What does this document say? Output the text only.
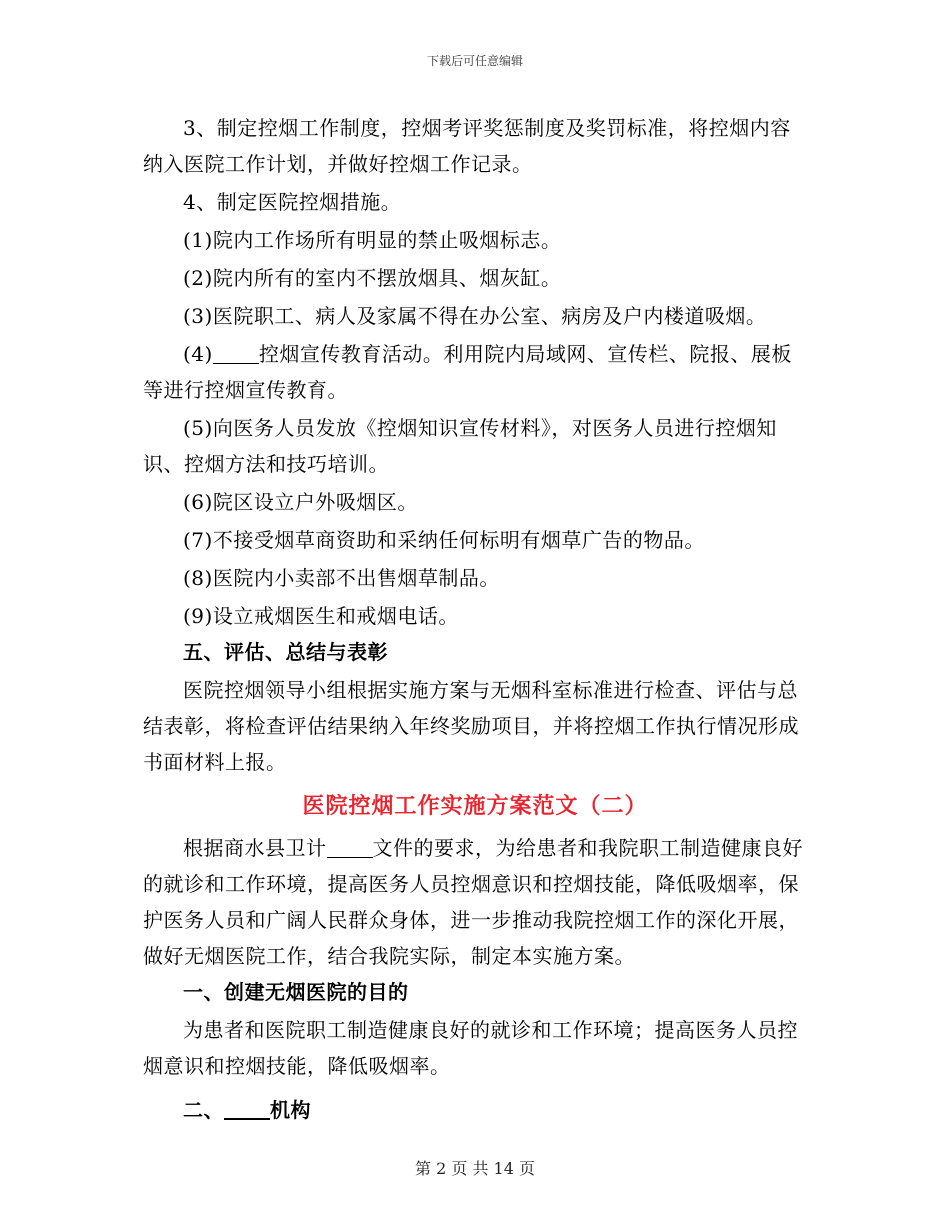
下载后可任意编辑

3、制定控烟工作制度，控烟考评奖惩制度及奖罚标准，将控烟内容纳入医院工作计划，并做好控烟工作记录。

4、制定医院控烟措施。

(1)院内工作场所有明显的禁止吸烟标志。

(2)院内所有的室内不摆放烟具、烟灰缸。

(3)医院职工、病人及家属不得在办公室、病房及户内楼道吸烟。

(4) 控烟宣传教育活动。利用院内局域网、宣传栏、院报、展板等进行控烟宣传教育。

(5)向医务人员发放《控烟知识宣传材料》，对医务人员进行控烟知识、控烟方法和技巧培训。

(6)院区设立户外吸烟区。

(7)不接受烟草商资助和采纳任何标明有烟草广告的物品。

(8)医院内小卖部不出售烟草制品。

(9)设立戒烟医生和戒烟电话。

五、评估、总结与表彰

医院控烟领导小组根据实施方案与无烟科室标准进行检查、评估与总结表彰，将检查评估结果纳入年终奖励项目，并将控烟工作执行情况形成书面材料上报。

医院控烟工作实施方案范文（二）

根据商水县卫计 文件的要求，为给患者和我院职工制造健康良好的就诊和工作环境，提高医务人员控烟意识和控烟技能，降低吸烟率，保护医务人员和广阔人民群众身体，进一步推动我院控烟工作的深化开展，做好无烟医院工作，结合我院实际，制定本实施方案。

一、创建无烟医院的目的

为患者和医院职工制造健康良好的就诊和工作环境；提高医务人员控烟意识和控烟技能，降低吸烟率。

二、 机构

第 2 页 共 14 页
